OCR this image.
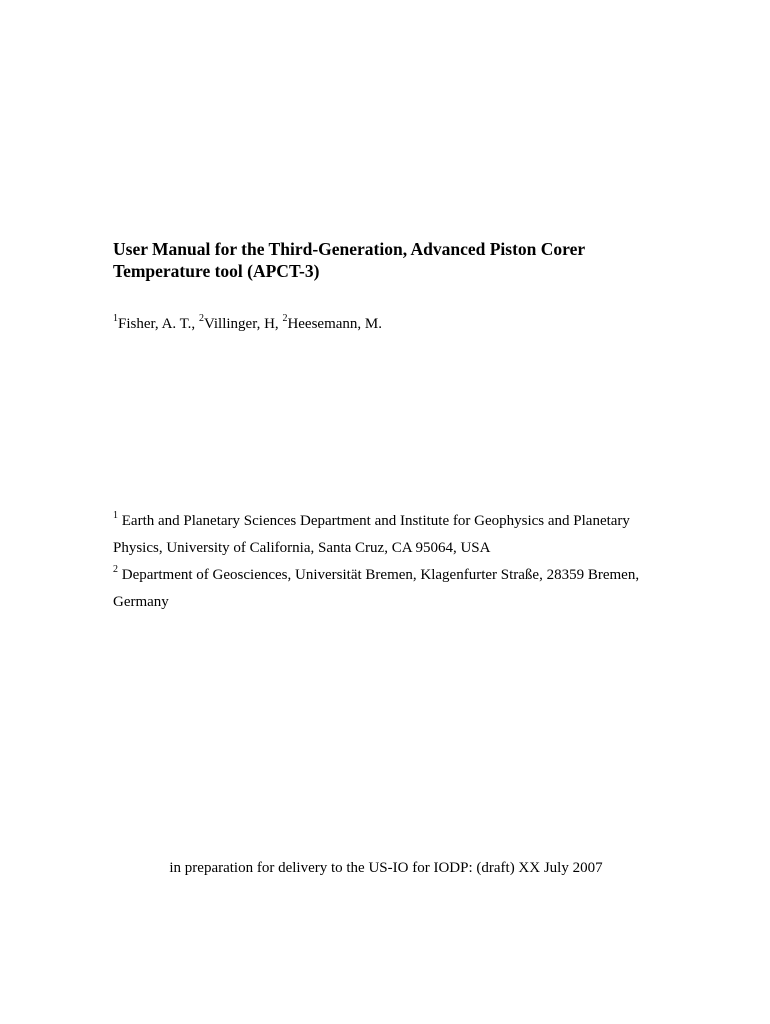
User Manual for the Third-Generation, Advanced Piston Corer
Temperature tool (APCT-3)
$^1$Fisher, A. T., $^2$Villinger, H, $^2$Heesemann, M.
$^1$ Earth and Planetary Sciences Department and Institute for Geophysics and Planetary
Physics, University of California, Santa Cruz, CA 95064, USA
$^2$ Department of Geosciences, Universität Bremen, Klagenfurter Straße, 28359 Bremen,
Germany
in preparation for delivery to the US-IO for IODP: (draft) XX July 2007
